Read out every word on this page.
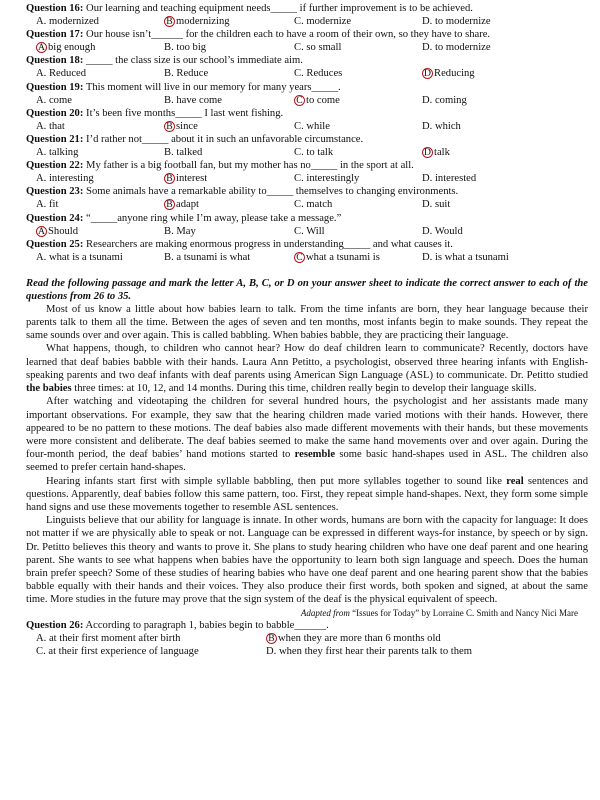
Question 16: Our learning and teaching equipment needs_____ if further improvement is to be achieved.

A. modernized	B modernizing	C. modernize	D. to modernize

Question 17: Our house isn’t______ for the children each to have a room of their own, so they have to share.

A big enough	B. too big	C. so small	D. to modernize

Question 18: _____ the class size is our school’s immediate aim.

A. Reduced	B. Reduce	C. Reduces	D Reducing

Question 19: This moment will live in our memory for many years_____.

A. come	B. have come	C to come	D. coming

Question 20: It’s been five months_____ I last went fishing.

A. that	B since	C. while	D. which

Question 21: I’d rather not_____ about it in such an unfavorable circumstance.

A. talking	B. talked	C. to talk	D talk

Question 22: My father is a big football fan, but my mother has no_____ in the sport at all.

A. interesting	B interest	C. interestingly	D. interested

Question 23: Some animals have a remarkable ability to_____ themselves to changing environments.

A. fit	B adapt	C. match	D. suit

Question 24: “_____anyone ring while I’m away, please take a message.”

A Should	B. May	C. Will	D. Would

Question 25: Researchers are making enormous progress in understanding_____ and what causes it.

A. what is a tsunami	B. a tsunami is what	C what a tsunami is	D. is what a tsunami

Read the following passage and mark the letter A, B, C, or D on your answer sheet to indicate the correct answer to each of the questions from 26 to 35.

Most of us know a little about how babies learn to talk. From the time infants are born, they hear language because their parents talk to them all the time. Between the ages of seven and ten months, most infants begin to make sounds. They repeat the same sounds over and over again. This is called babbling. When babies babble, they are practicing their language.

What happens, though, to children who cannot hear? How do deaf children learn to communicate? Recently, doctors have learned that deaf babies babble with their hands. Laura Ann Petitto, a psychologist, observed three hearing infants with English-speaking parents and two deaf infants with deaf parents using American Sign Language (ASL) to communicate. Dr. Petitto studied the babies three times: at 10, 12, and 14 months. During this time, children really begin to develop their language skills.

After watching and videotaping the children for several hundred hours, the psychologist and her assistants made many important observations. For example, they saw that the hearing children made varied motions with their hands. However, there appeared to be no pattern to these motions. The deaf babies also made different movements with their hands, but these movements were more consistent and deliberate. The deaf babies seemed to make the same hand movements over and over again. During the four-month period, the deaf babies’ hand motions started to resemble some basic hand-shapes used in ASL. The children also seemed to prefer certain hand-shapes.

Hearing infants start first with simple syllable babbling, then put more syllables together to sound like real sentences and questions. Apparently, deaf babies follow this same pattern, too. First, they repeat simple hand-shapes. Next, they form some simple hand signs and use these movements together to resemble ASL sentences.

Linguists believe that our ability for language is innate. In other words, humans are born with the capacity for language: It does not matter if we are physically able to speak or not. Language can be expressed in different ways-for instance, by speech or by sign. Dr. Petitto believes this theory and wants to prove it. She plans to study hearing children who have one deaf parent and one hearing parent. She wants to see what happens when babies have the opportunity to learn both sign language and speech. Does the human brain prefer speech? Some of these studies of hearing babies who have one deaf parent and one hearing parent show that the babies babble equally with their hands and their voices. They also produce their first words, both spoken and signed, at about the same time. More studies in the future may prove that the sign system of the deaf is the physical equivalent of speech.

Adapted from “Issues for Today” by Lorraine C. Smith and Nancy Nici Mare

Question 26: According to paragraph 1, babies begin to babble______.

A. at their first moment after birth	B when they are more than 6 months old
C. at their first experience of language	D. when they first hear their parents talk to them
